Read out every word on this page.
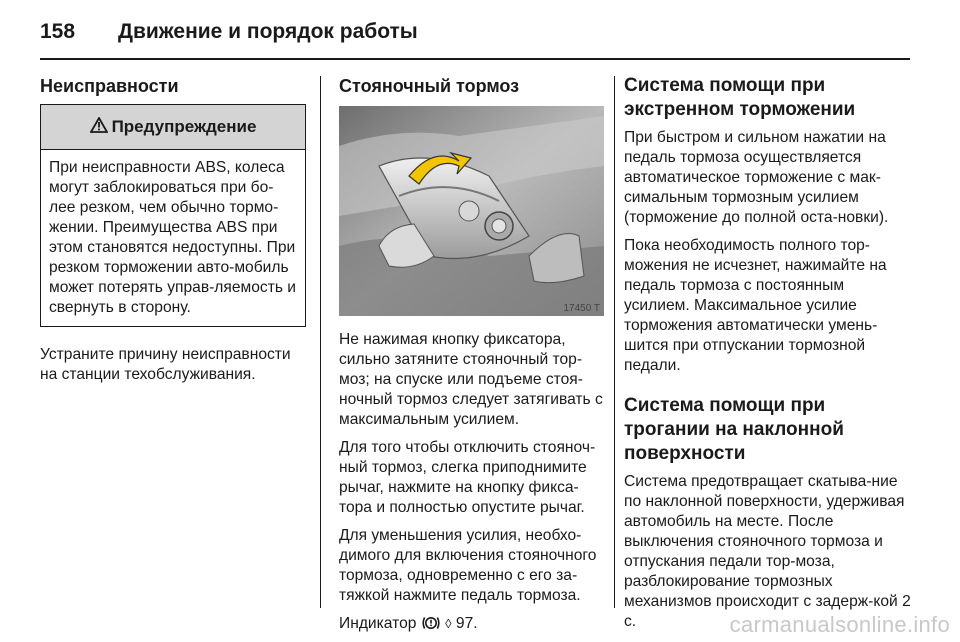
158 Движение и порядок работы
Неисправности
Предупреждение
При неисправности ABS, колеса могут заблокироваться при бо-лее резком, чем обычно тормо-жении. Преимущества ABS при этом становятся недоступны. При резком торможении авто-мобиль может потерять управ-ляемость и свернуть в сторону.

Устраните причину неисправности на станции техобслуживания.

Стояночный тормоз
17450 T

Не нажимая кнопку фиксатора, сильно затяните стояночный тор-моз; на спуске или подъеме стоя-ночный тормоз следует затягивать с максимальным усилием.

Для того чтобы отключить стояноч-ный тормоз, слегка приподнимите рычаг, нажмите на кнопку фикса-тора и полностью опустите рычаг.

Для уменьшения усилия, необхо-димого для включения стояночного тормоза, одновременно с его за-тяжкой нажмите педаль тормоза.

Индикатор ◊ 97.

Система помощи при экстренном торможении

При быстром и сильном нажатии на педаль тормоза осуществляется автоматическое торможение с мак-симальным тормозным усилием (торможение до полной оста-новки).

Пока необходимость полного тор-можения не исчезнет, нажимайте на педаль тормоза с постоянным усилием. Максимальное усилие торможения автоматически умень-шится при отпускании тормозной педали.

Система помощи при трогании на наклонной поверхности

Система предотвращает скатыва-ние по наклонной поверхности, удерживая автомобиль на месте. После выключения стояночного тормоза и отпускания педали тор-моза, разблокирование тормозных механизмов происходит с задерж-кой 2 с.	carmanualsonline.info
